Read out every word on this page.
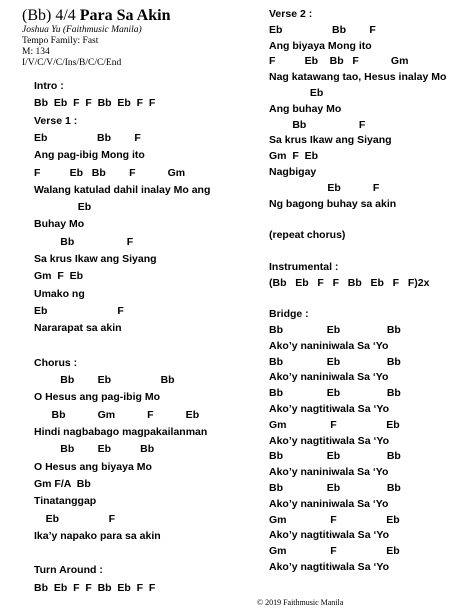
(Bb) 4/4 Para Sa Akin
Joshua Yu (Faithmusic Manila)
Tempo Family: Fast
M: 134
I/V/C/V/C/Ins/B/C/C/End
Intro :
Bb  Eb  F  F  Bb  Eb  F  F
Verse 1 :
Eb                 Bb        F
Ang pag-ibig Mong ito
F          Eb   Bb        F           Gm
Walang katulad dahil inalay Mo ang
Eb
Buhay Mo
Bb                  F
Sa krus Ikaw ang Siyang
Gm  F  Eb
Umako ng
Eb                        F
Nararapat sa akin
Chorus :
Bb        Eb                 Bb
O Hesus ang pag-ibig Mo
Bb           Gm           F           Eb
Hindi nagbabago magpakailanman
Bb        Eb          Bb
O Hesus ang biyaya Mo
Gm F/A  Bb
Tinatanggap
Eb                 F
Ika’y napako para sa akin
Turn Around :
Bb  Eb  F  F  Bb  Eb  F  F
Verse 2 :
Eb                 Bb        F
Ang biyaya Mong ito
F          Eb    Bb   F           Gm
Nag katawang tao, Hesus inalay Mo
Eb
Ang buhay Mo
Bb                  F
Sa krus Ikaw ang Siyang
Gm  F  Eb
Nagbigay
Eb           F
Ng bagong buhay sa akin
(repeat chorus)
Instrumental :
(Bb   Eb   F   F   Bb   Eb   F   F)2x
Bridge :
Bb               Eb                Bb
Ako’y naniniwala Sa ‘Yo
Bb               Eb                Bb
Ako’y naniniwala Sa ‘Yo
Bb               Eb                Bb
Ako’y nagtitiwala Sa ‘Yo
Gm               F                 Eb
Ako’y nagtitiwala Sa ‘Yo
Bb               Eb                Bb
Ako’y naniniwala Sa ‘Yo
Bb               Eb                Bb
Ako’y naniniwala Sa ‘Yo
Gm               F                 Eb
Ako’y nagtitiwala Sa ‘Yo
Gm               F                 Eb
Ako’y nagtitiwala Sa ‘Yo
© 2019 Faithmusic Manila
